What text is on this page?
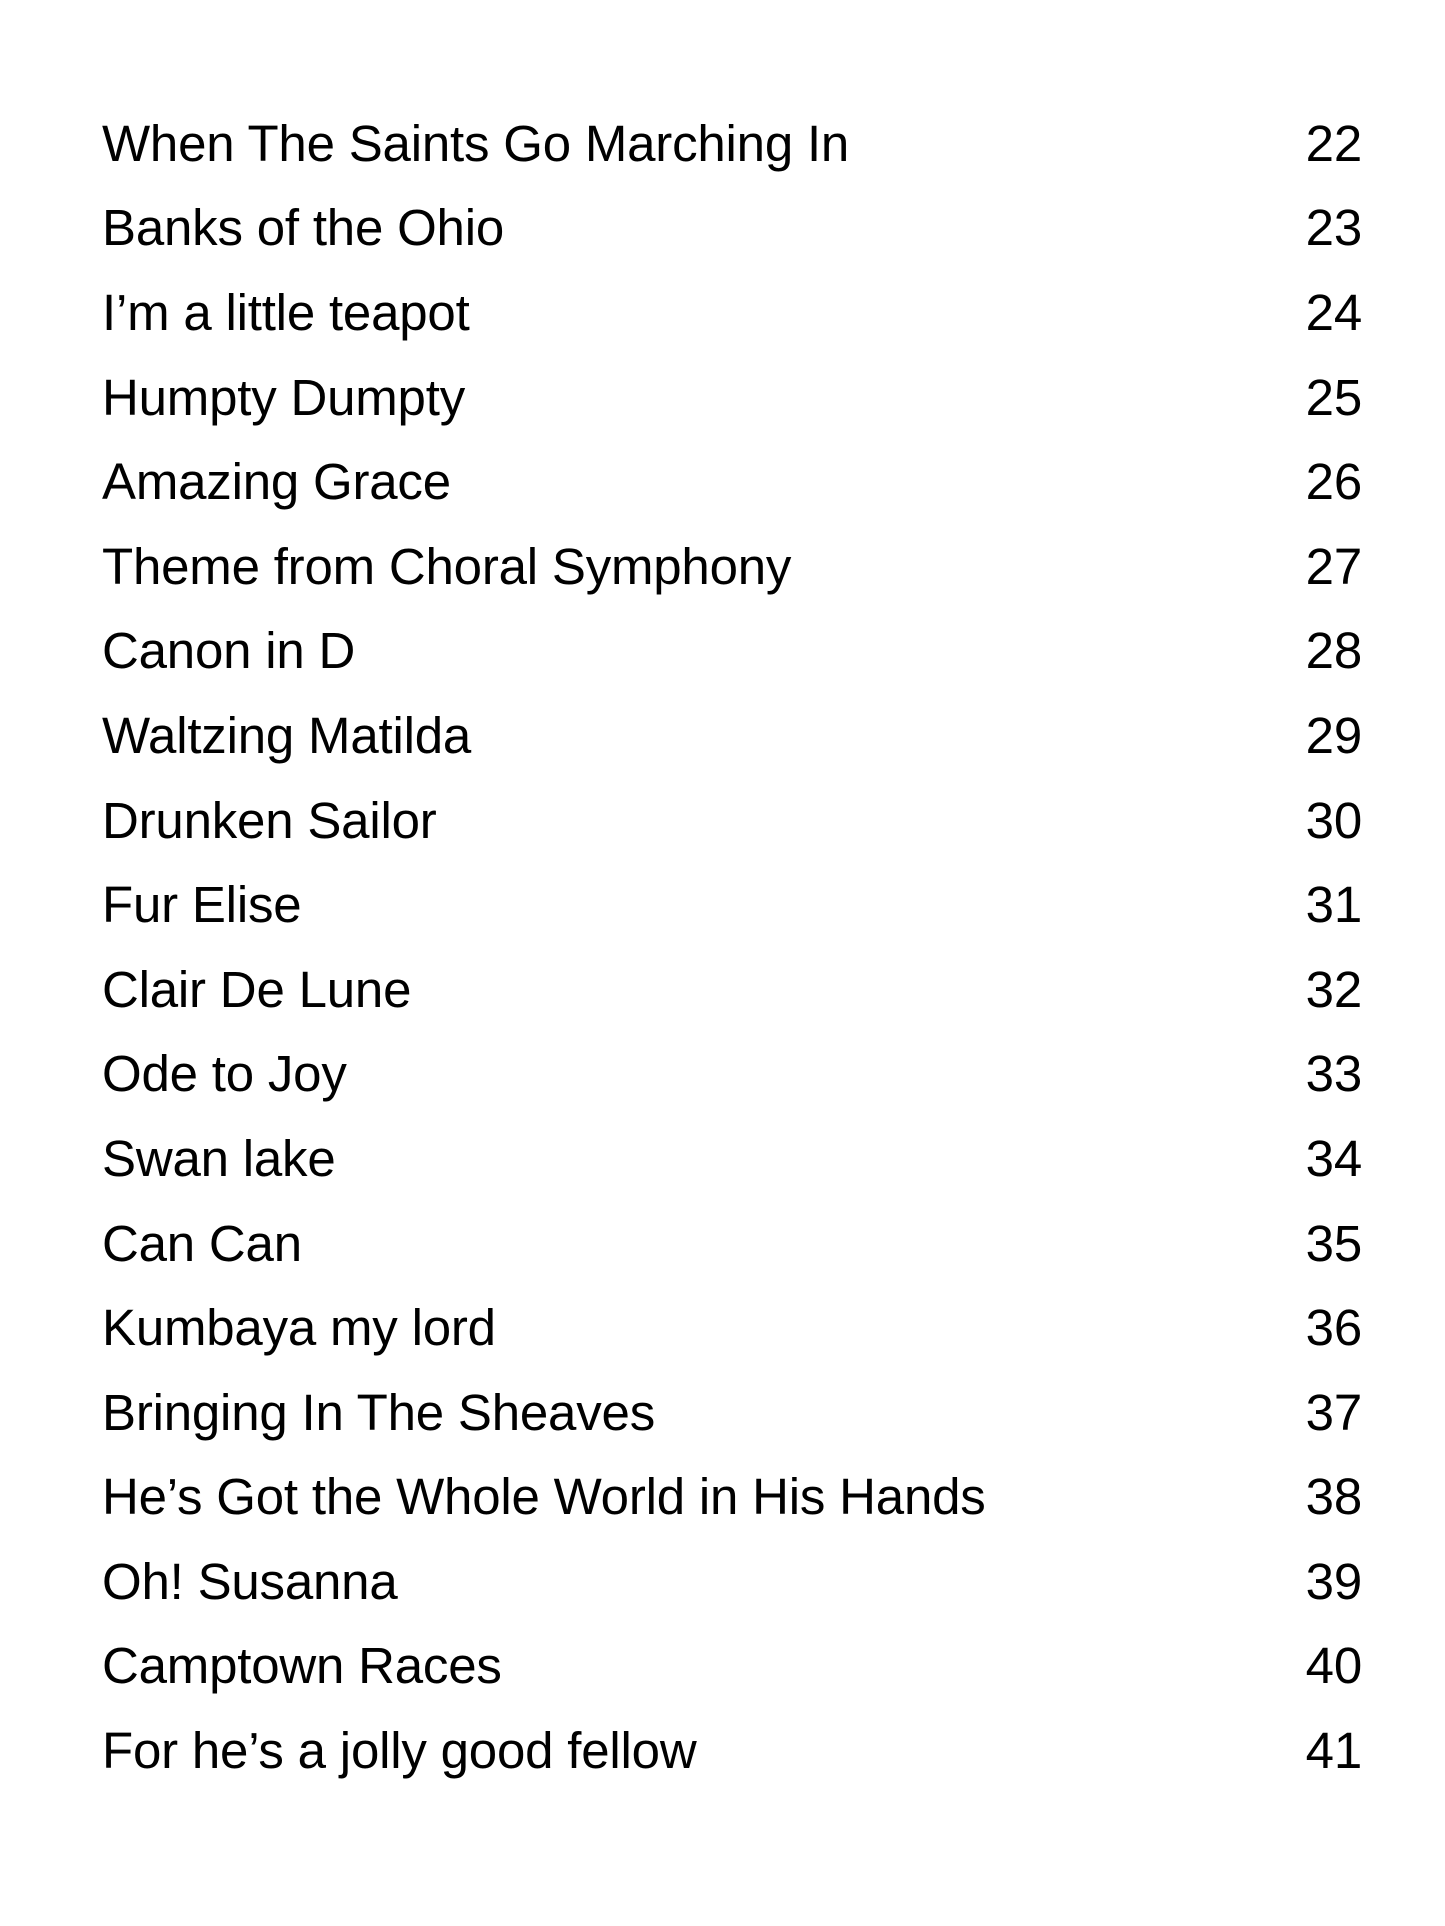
When The Saints Go Marching In	22
Banks of the Ohio	23
I’m a little teapot	24
Humpty Dumpty	25
Amazing Grace	26
Theme from Choral Symphony	27
Canon in D	28
Waltzing Matilda	29
Drunken Sailor	30
Fur Elise	31
Clair De Lune	32
Ode to Joy	33
Swan lake	34
Can Can	35
Kumbaya my lord	36
Bringing In The Sheaves	37
He’s Got the Whole World in His Hands	38
Oh! Susanna	39
Camptown Races	40
For he’s a jolly good fellow	41
